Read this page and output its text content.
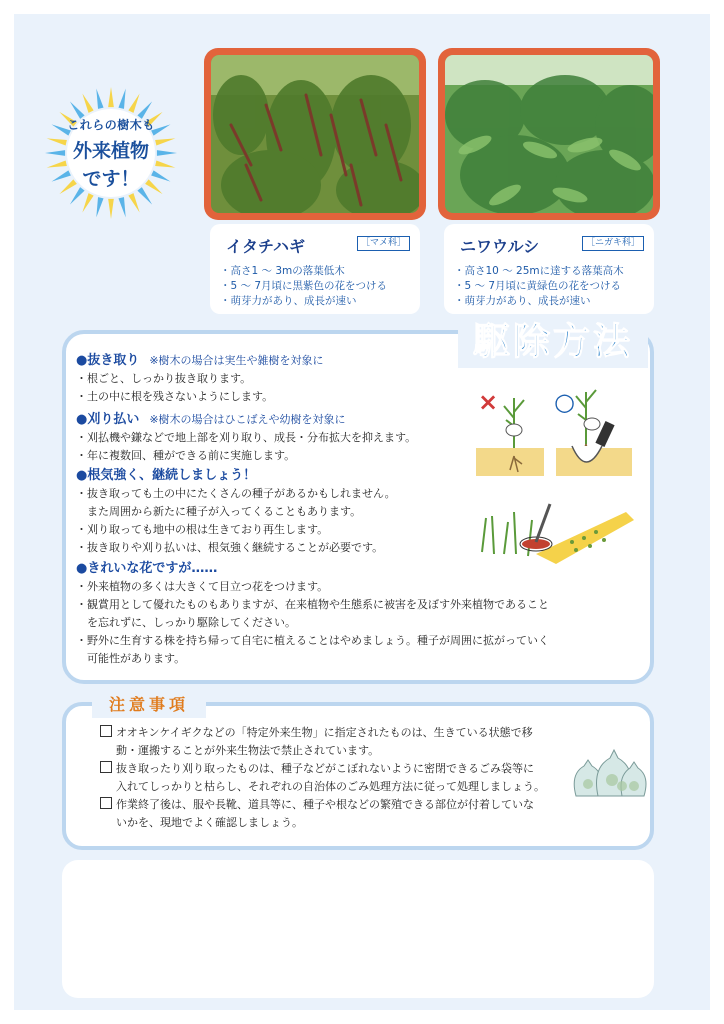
これらの樹木も
外来植物
です！
イタチハギ	［マメ科］
・高さ1 ～ 3mの落葉低木
・5 ～ 7月頃に黒紫色の花をつける
・萌芽力があり、成長が速い
ニワウルシ	［ニガキ科］
・高さ10 ～ 25mに達する落葉高木
・5 ～ 7月頃に黄緑色の花をつける
・萌芽力があり、成長が速い
駆除方法
●抜き取り ※樹木の場合は実生や雑樹を対象に
・根ごと、しっかり抜き取ります。
・土の中に根を残さないようにします。
●刈り払い ※樹木の場合はひこばえや幼樹を対象に
・刈払機や鎌などで地上部を刈り取り、成長・分布拡大を抑えます。
・年に複数回、種ができる前に実施します。
●根気強く、継続しましょう！
・抜き取っても土の中にたくさんの種子があるかもしれません。
　また周囲から新たに種子が入ってくることもあります。
・刈り取っても地中の根は生きており再生します。
・抜き取りや刈り払いは、根気強く継続することが必要です。
●きれいな花ですが……
・外来植物の多くは大きくて目立つ花をつけます。
・観賞用として優れたものもありますが、在来植物や生態系に被害を及ぼす外来植物であること
　を忘れずに、しっかり駆除してください。
・野外に生育する株を持ち帰って自宅に植えることはやめましょう。種子が周囲に拡がっていく
　可能性があります。
× ○
注意事項
オオキンケイギクなどの「特定外来生物」に指定されたものは、生きている状態で移
動・運搬することが外来生物法で禁止されています。
抜き取ったり刈り取ったものは、種子などがこぼれないように密閉できるごみ袋等に
入れてしっかりと枯らし、それぞれの自治体のごみ処理方法に従って処理しましょう。
作業終了後は、服や長靴、道具等に、種子や根などの繁殖できる部位が付着していな
いかを、現地でよく確認しましょう。
